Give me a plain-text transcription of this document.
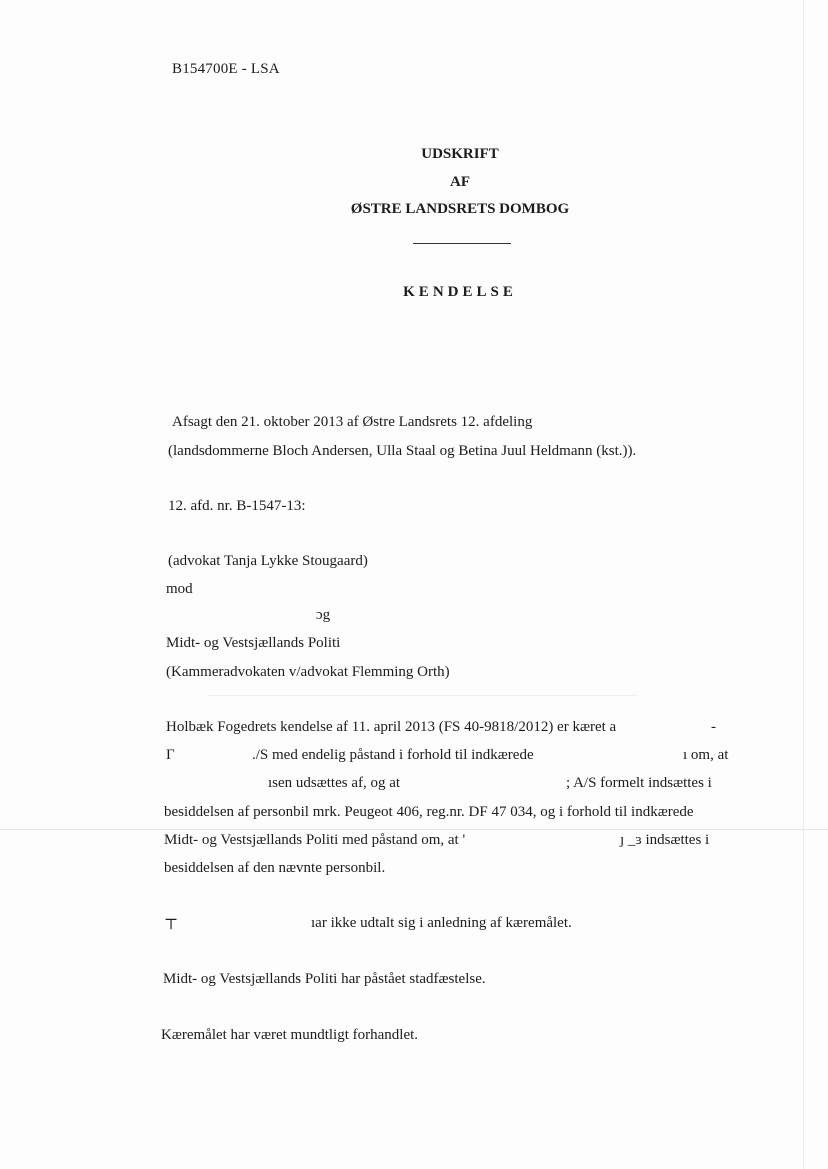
B154700E - LSA
UDSKRIFT
AF
ØSTRE LANDSRETS DOMBOG
KENDELSE
Afsagt den 21. oktober 2013 af Østre Landsrets 12. afdeling
(landsdommerne Bloch Andersen, Ulla Staal og Betina Juul Heldmann (kst.)).
12. afd. nr. B-1547-13:
(advokat Tanja Lykke Stougaard)
mod
ɔg
Midt- og Vestsjællands Politi
(Kammeradvokaten v/advokat Flemming Orth)
Holbæk Fogedrets kendelse af 11. april 2013 (FS 40-9818/2012) er kæret a	-
Γ	./S med endelig påstand i forhold til indkærede	ı om, at
ısen udsættes af, og at	; A/S formelt indsættes i
besiddelsen af personbil mrk. Peugeot 406, reg.nr. DF 47 034, og i forhold til indkærede
Midt- og Vestsjællands Politi med påstand om, at '	ȷ _ɜ indsættes i
besiddelsen af den nævnte personbil.
⊤	ıar ikke udtalt sig i anledning af kæremålet.
Midt- og Vestsjællands Politi har påstået stadfæstelse.
Kæremålet har været mundtligt forhandlet.
